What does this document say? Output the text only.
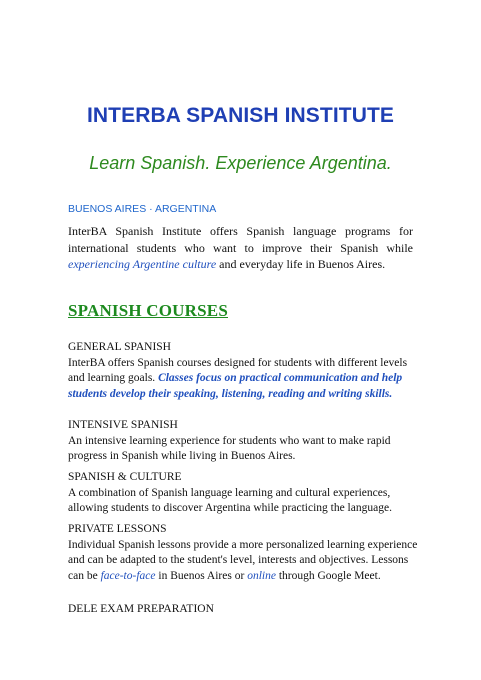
INTERBA SPANISH INSTITUTE
Learn Spanish. Experience Argentina.
BUENOS AIRES · ARGENTINA
InterBA Spanish Institute offers Spanish language programs for international students who want to improve their Spanish while experiencing Argentine culture and everyday life in Buenos Aires.
SPANISH COURSES
GENERAL SPANISH
InterBA offers Spanish courses designed for students with different levels and learning goals. Classes focus on practical communication and help students develop their speaking, listening, reading and writing skills.
INTENSIVE SPANISH
An intensive learning experience for students who want to make rapid progress in Spanish while living in Buenos Aires.
SPANISH & CULTURE
A combination of Spanish language learning and cultural experiences, allowing students to discover Argentina while practicing the language.
PRIVATE LESSONS
Individual Spanish lessons provide a more personalized learning experience and can be adapted to the student's level, interests and objectives. Lessons can be face-to-face in Buenos Aires or online through Google Meet.
DELE EXAM PREPARATION
